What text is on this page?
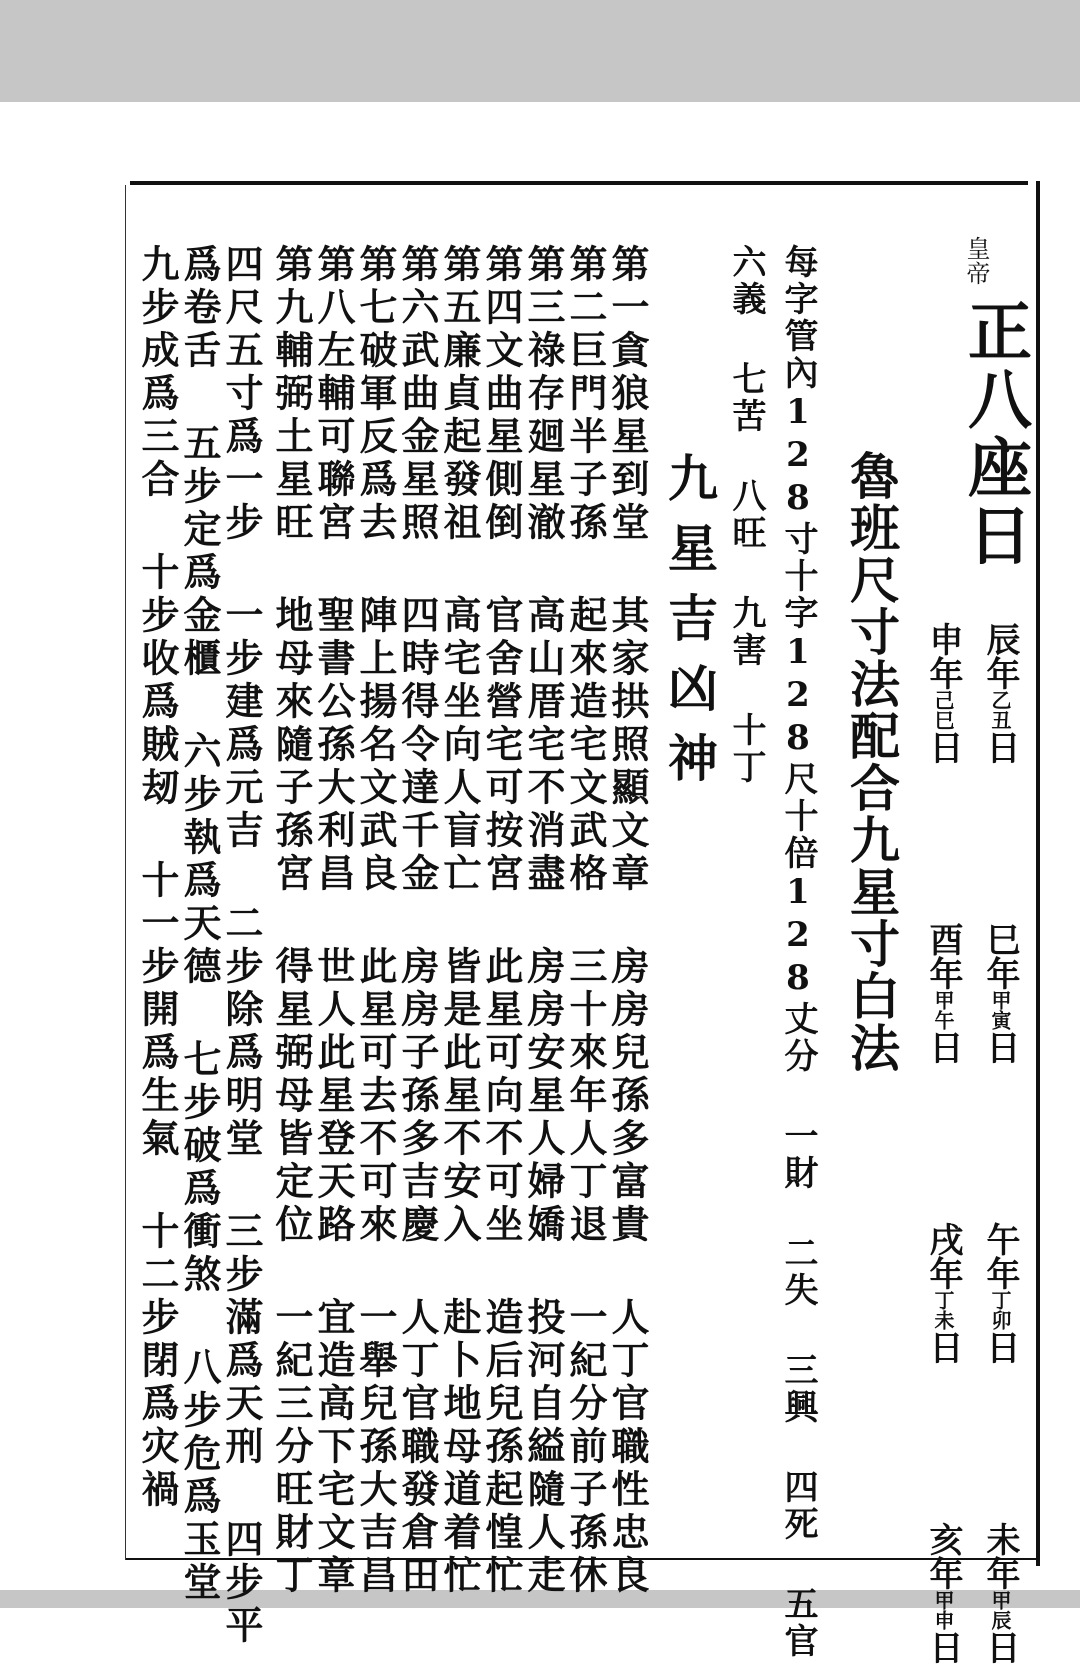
皇帝
正八座日
辰年乙丑日  巳年甲寅日  午年丁卯日  未年甲辰日
申年己巳日  酉年甲午日  戌年丁未日  亥年甲申日
魯班尺寸法配合九星寸白法
每字管內128寸十字128尺十倍128丈分 一財 二失 三興 四死 五官
六義 七苦 八旺 九害 十丁
九星吉凶神
第一貪狼星到堂 其家拱照顯文章 房房兒孫多富貴 人丁官職性忠良
第二巨門半子孫 起來造宅文武格 三十來年人丁退 一紀分前子孫休
第三祿存廻星澈 高山厝宅不消盡 房房安星人婦嬌 投河自縊隨人走
第四文曲星側倒 官舍營宅可按宮 此星可向不可坐 造后兒孫起惶忙
第五廉貞起發祖 高宅坐向人盲亡 皆是此星不安入 赴卜地母道着忙
第六武曲金星照 四時得令達千金 房房子孫多吉慶 人丁官職發倉田
第七破軍反爲去 陣上揚名文武良 此星可去不可來 一舉兒孫大吉昌
第八左輔可聯宮 聖書公孫大利昌 世人此星登天路 宜造高下宅文章
第九輔弼土星旺 地母來隨子孫宮 得星弼母皆定位 一紀三分旺財丁
四尺五寸爲一步 一步建爲元吉 二步除爲明堂 三步滿爲天刑 四步平
爲卷舌 五步定爲金櫃 六步執爲天德 七步破爲衝煞 八步危爲玉堂
九步成爲三合 十步收爲賊刼 十一步開爲生氣 十二步閉爲灾禍
